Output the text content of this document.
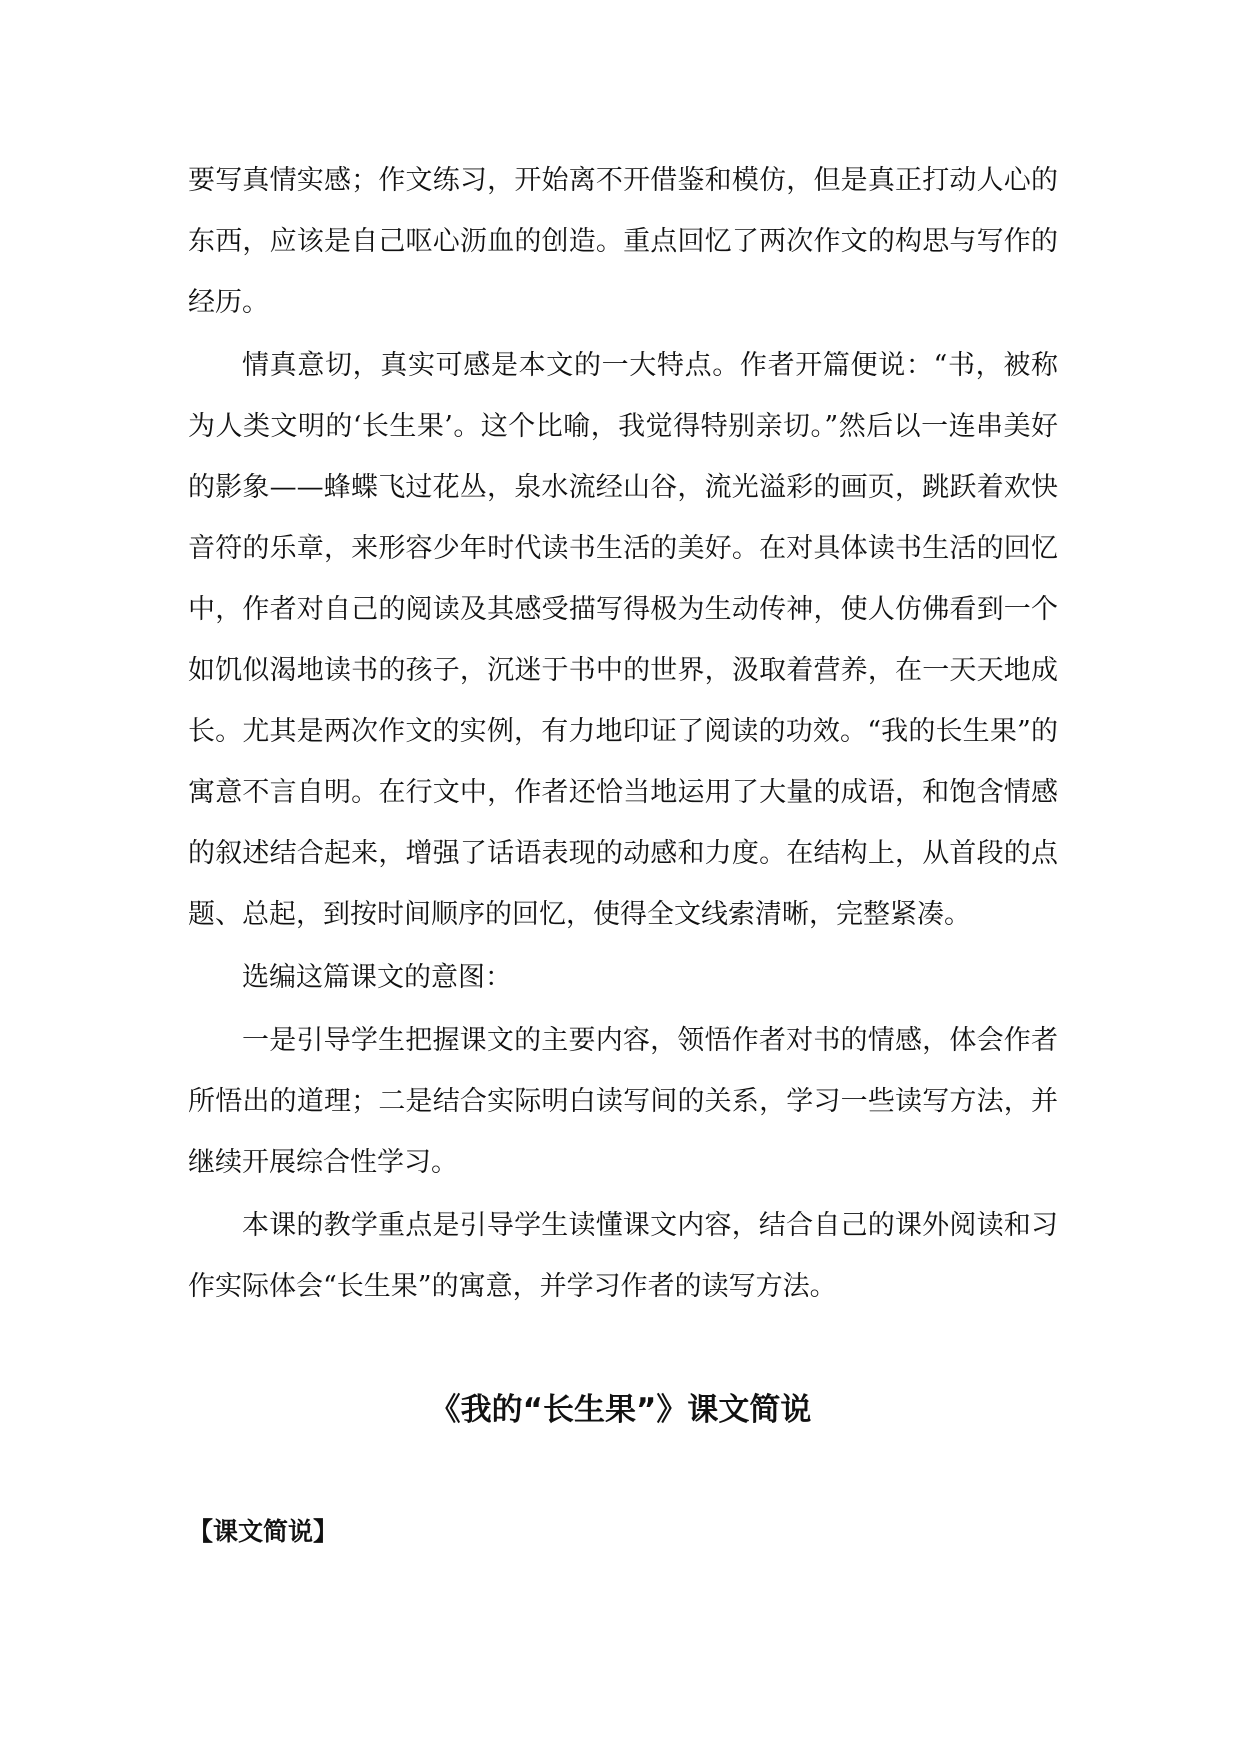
要写真情实感；作文练习，开始离不开借鉴和模仿，但是真正打动人心的东西，应该是自己呕心沥血的创造。重点回忆了两次作文的构思与写作的经历。

情真意切，真实可感是本文的一大特点。作者开篇便说：“书，被称为人类文明的‘长生果’。这个比喻，我觉得特别亲切。”然后以一连串美好的影象——蜂蝶飞过花丛，泉水流经山谷，流光溢彩的画页，跳跃着欢快音符的乐章，来形容少年时代读书生活的美好。在对具体读书生活的回忆中，作者对自己的阅读及其感受描写得极为生动传神，使人仿佛看到一个如饥似渴地读书的孩子，沉迷于书中的世界，汲取着营养，在一天天地成长。尤其是两次作文的实例，有力地印证了阅读的功效。“我的长生果”的寓意不言自明。在行文中，作者还恰当地运用了大量的成语，和饱含情感的叙述结合起来，增强了话语表现的动感和力度。在结构上，从首段的点题、总起，到按时间顺序的回忆，使得全文线索清晰，完整紧凑。

选编这篇课文的意图：

一是引导学生把握课文的主要内容，领悟作者对书的情感，体会作者所悟出的道理；二是结合实际明白读写间的关系，学习一些读写方法，并继续开展综合性学习。

本课的教学重点是引导学生读懂课文内容，结合自己的课外阅读和习作实际体会“长生果”的寓意，并学习作者的读写方法。

《我的“长生果”》课文简说

【课文简说】
